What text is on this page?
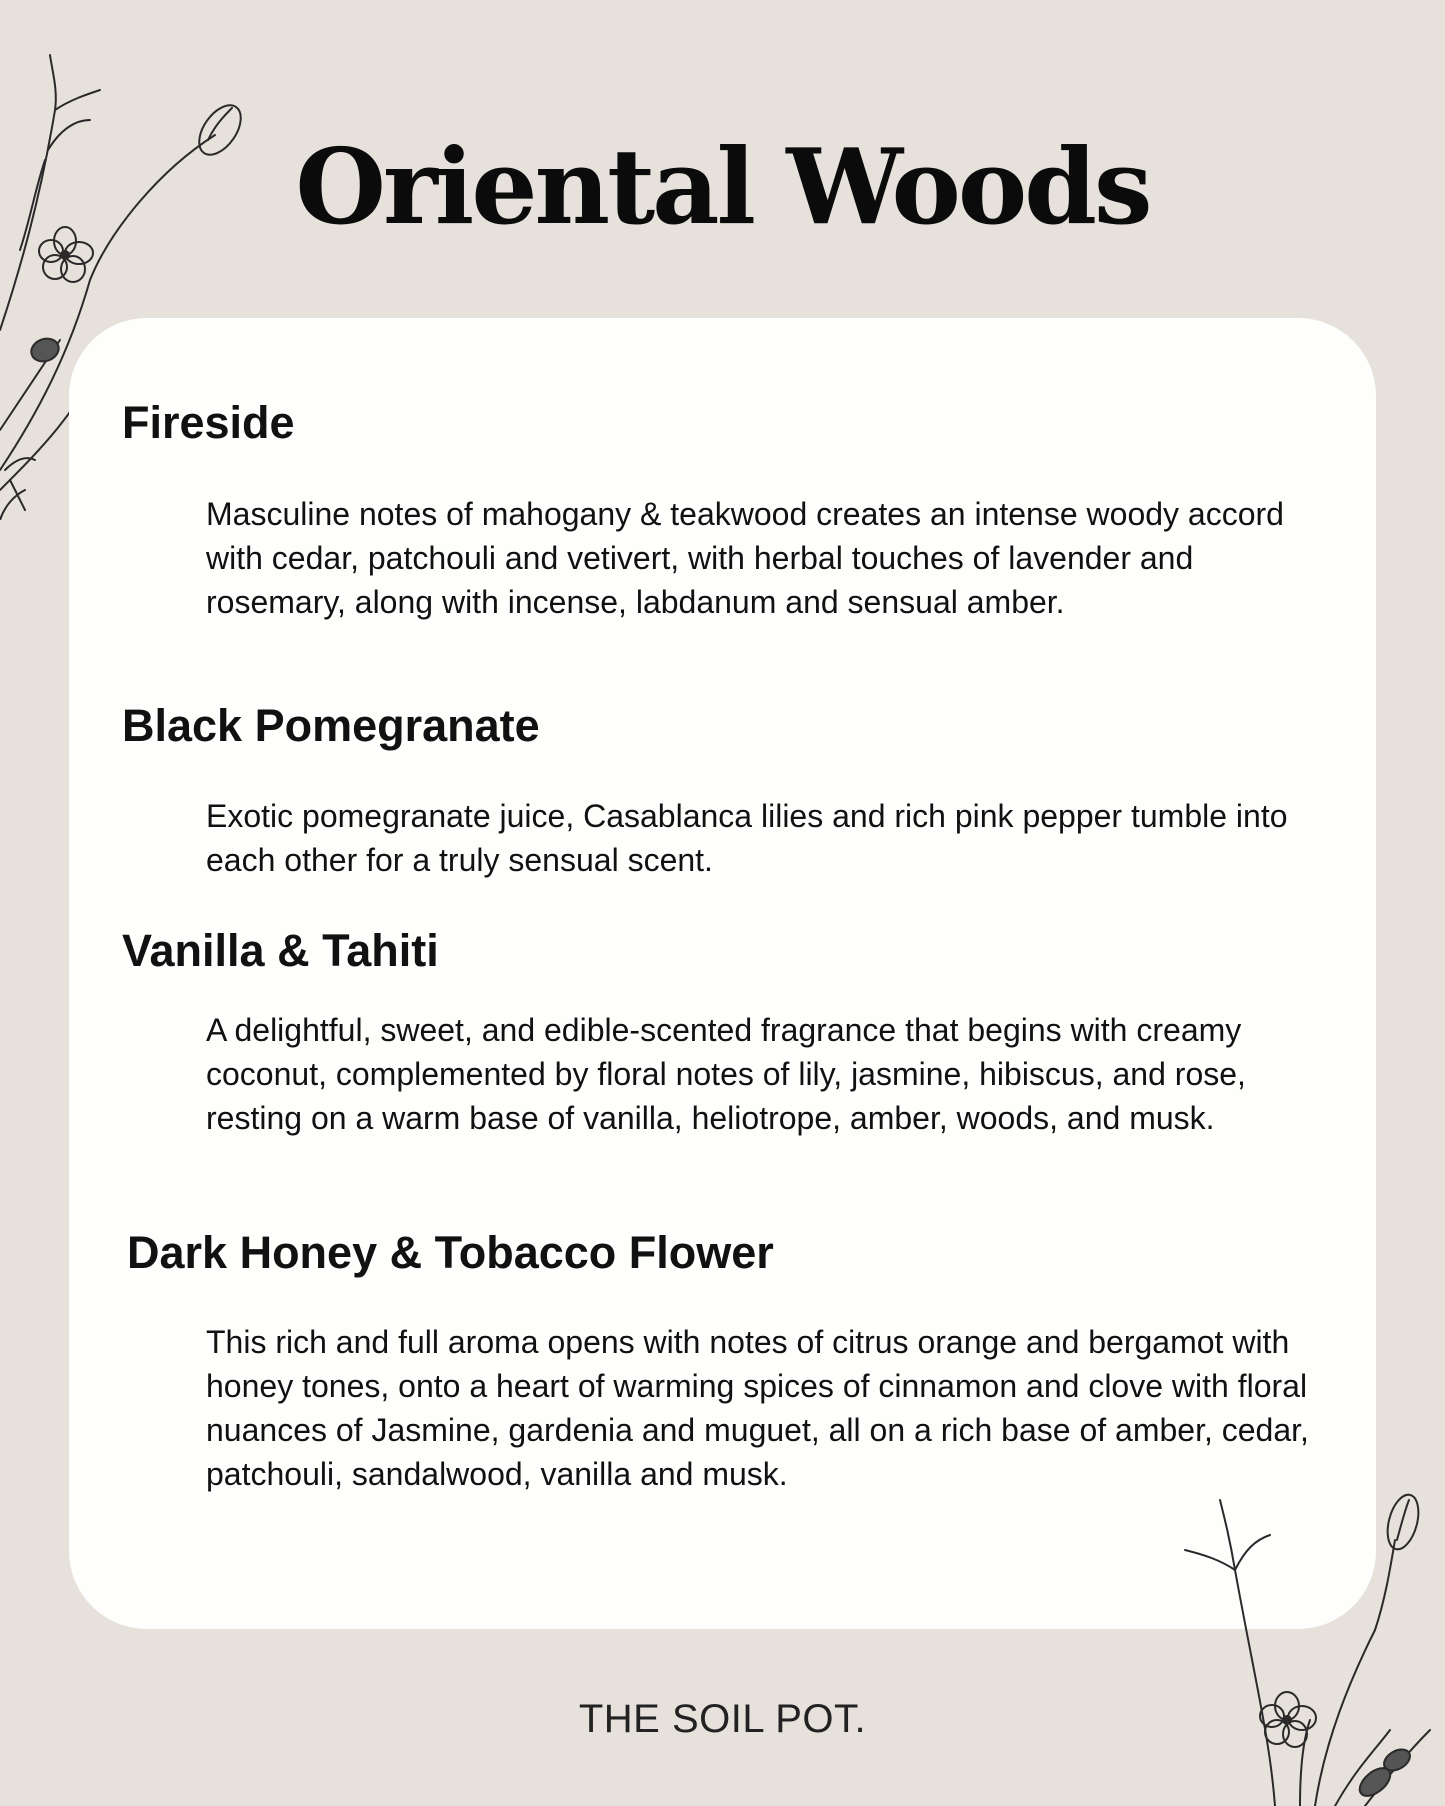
Oriental Woods
Fireside

Masculine notes of mahogany & teakwood creates an intense woody accord with cedar, patchouli and vetivert, with herbal touches of lavender and rosemary, along with incense, labdanum and sensual amber.

Black Pomegranate

Exotic pomegranate juice, Casablanca lilies and rich pink pepper tumble into each other for a truly sensual scent.

Vanilla & Tahiti

A delightful, sweet, and edible-scented fragrance that begins with creamy coconut, complemented by floral notes of lily, jasmine, hibiscus, and rose, resting on a warm base of vanilla, heliotrope, amber, woods, and musk.

Dark Honey & Tobacco Flower

This rich and full aroma opens with notes of citrus orange and bergamot with honey tones, onto a heart of warming spices of cinnamon and clove with floral nuances of Jasmine, gardenia and muguet, all on a rich base of amber, cedar, patchouli, sandalwood, vanilla and musk.

THE SOIL POT.
